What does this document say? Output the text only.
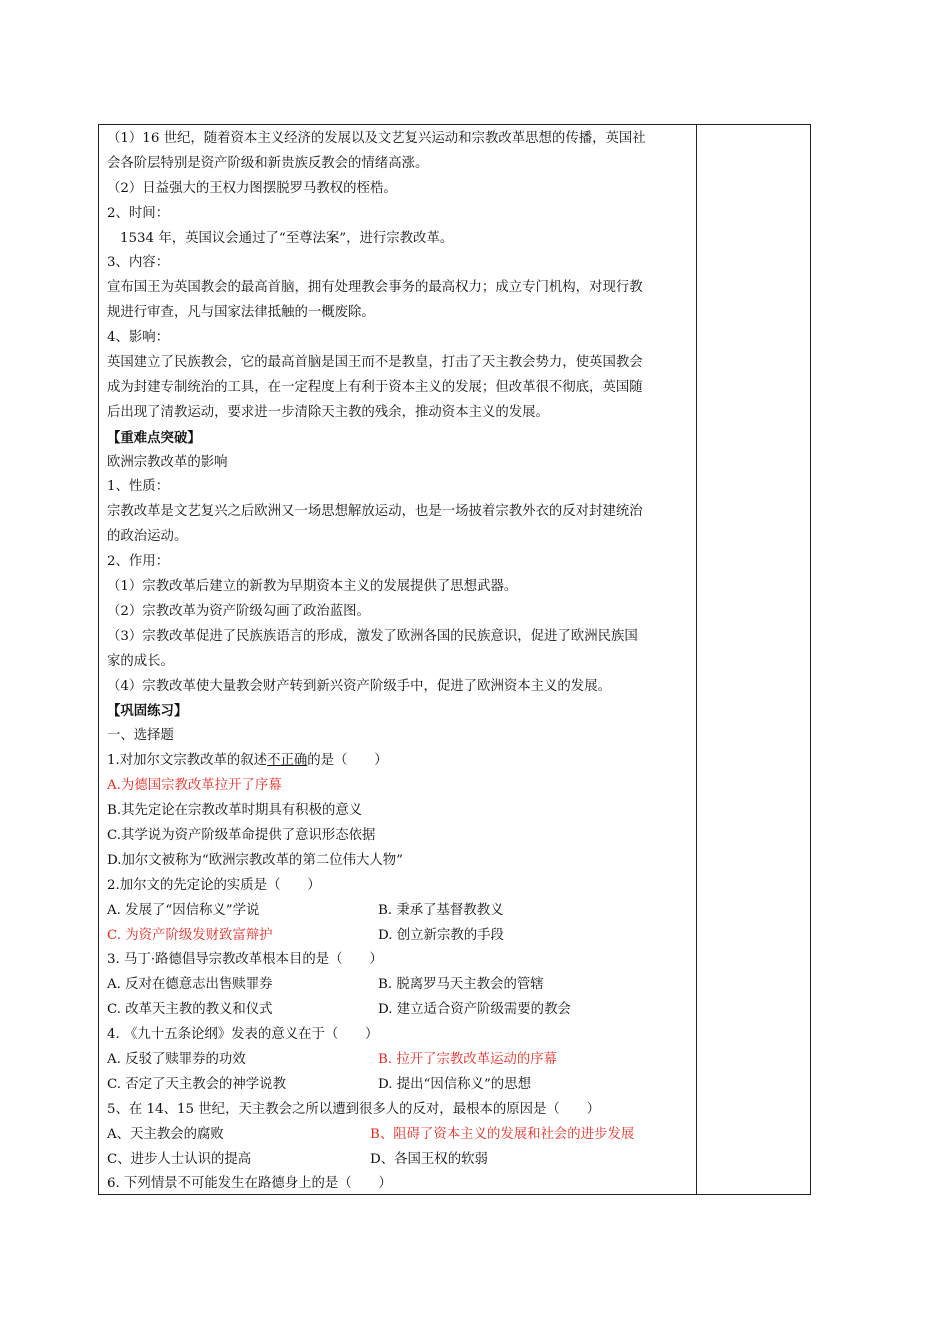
（1）16 世纪，随着资本主义经济的发展以及文艺复兴运动和宗教改革思想的传播，英国社
会各阶层特别是资产阶级和新贵族反教会的情绪高涨。
（2）日益强大的王权力图摆脱罗马教权的桎梏。
2、时间：
1534 年，英国议会通过了“至尊法案”，进行宗教改革。
3、内容：
宣布国王为英国教会的最高首脑，拥有处理教会事务的最高权力；成立专门机构，对现行教
规进行审查，凡与国家法律抵触的一概废除。
4、影响：
英国建立了民族教会，它的最高首脑是国王而不是教皇，打击了天主教会势力，使英国教会
成为封建专制统治的工具，在一定程度上有利于资本主义的发展；但改革很不彻底，英国随
后出现了清教运动，要求进一步清除天主教的残余，推动资本主义的发展。
【重难点突破】
欧洲宗教改革的影响
1、性质：
宗教改革是文艺复兴之后欧洲又一场思想解放运动，也是一场披着宗教外衣的反对封建统治
的政治运动。
2、作用：
（1）宗教改革后建立的新教为早期资本主义的发展提供了思想武器。
（2）宗教改革为资产阶级勾画了政治蓝图。
（3）宗教改革促进了民族族语言的形成，激发了欧洲各国的民族意识，促进了欧洲民族国
家的成长。
（4）宗教改革使大量教会财产转到新兴资产阶级手中，促进了欧洲资本主义的发展。
【巩固练习】
一、选择题
1.对加尔文宗教改革的叙述不正确的是（　　）
A.为德国宗教改革拉开了序幕
B.其先定论在宗教改革时期具有积极的意义
C.其学说为资产阶级革命提供了意识形态依据
D.加尔文被称为“欧洲宗教改革的第二位伟大人物”
2.加尔文的先定论的实质是（　　）
A. 发展了“因信称义”学说	B. 秉承了基督教教义
C. 为资产阶级发财致富辩护	D. 创立新宗教的手段
3. 马丁·路德倡导宗教改革根本目的是（　　）
A. 反对在德意志出售赎罪券	B. 脱离罗马天主教会的管辖
C. 改革天主教的教义和仪式	D. 建立适合资产阶级需要的教会
4. 《九十五条论纲》发表的意义在于（　　）
A. 反驳了赎罪券的功效	B. 拉开了宗教改革运动的序幕
C. 否定了天主教会的神学说教	D. 提出“因信称义”的思想
5、在 14、15 世纪，天主教会之所以遭到很多人的反对，最根本的原因是（　　）
A、天主教会的腐败	B、阻碍了资本主义的发展和社会的进步发展
C、进步人士认识的提高	D、各国王权的软弱
6. 下列情景不可能发生在路德身上的是（　　）
